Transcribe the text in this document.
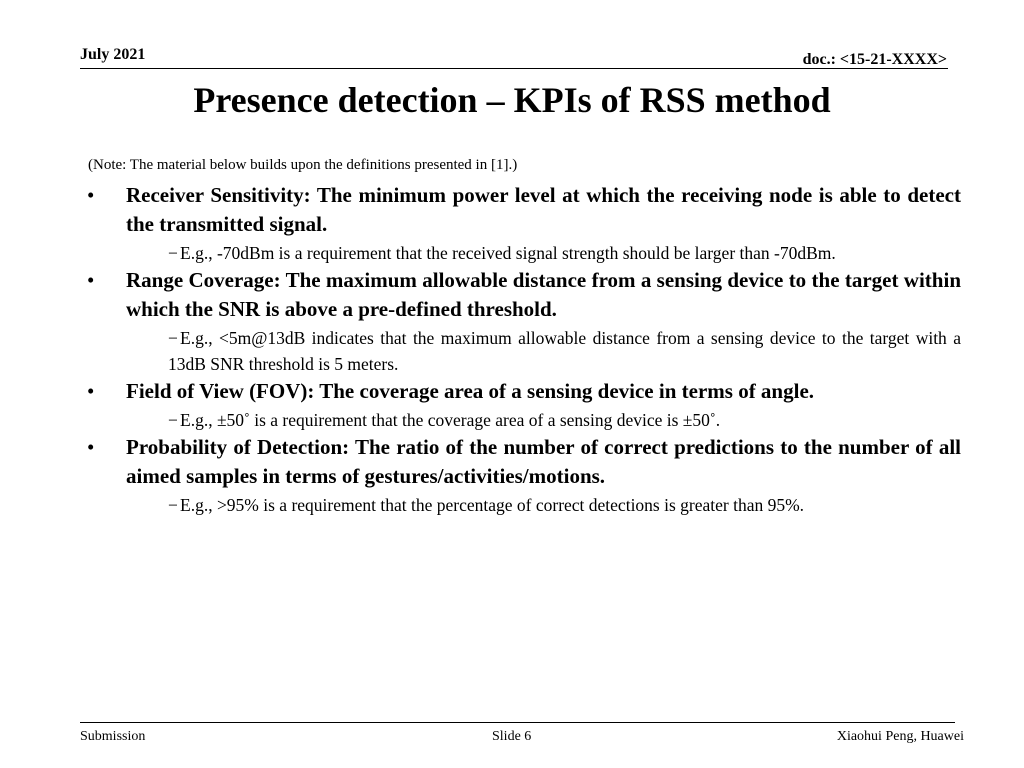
July 2021	doc.: <15-21-XXXX>
Presence detection – KPIs of RSS method
(Note: The material below builds upon the definitions presented in [1].)
• Receiver Sensitivity: The minimum power level at which the receiving node is able to detect the transmitted signal.
− E.g., -70dBm is a requirement that the received signal strength should be larger than -70dBm.
• Range Coverage: The maximum allowable distance from a sensing device to the target within which the SNR is above a pre-defined threshold.
− E.g., <5m@13dB indicates that the maximum allowable distance from a sensing device to the target with a 13dB SNR threshold is 5 meters.
• Field of View (FOV): The coverage area of a sensing device in terms of angle.
− E.g., ±50˚ is a requirement that the coverage area of a sensing device is ±50˚.
• Probability of Detection: The ratio of the number of correct predictions to the number of all aimed samples in terms of gestures/activities/motions.
− E.g., >95% is a requirement that the percentage of correct detections is greater than 95%.
Submission	Slide 6	Xiaohui Peng, Huawei
